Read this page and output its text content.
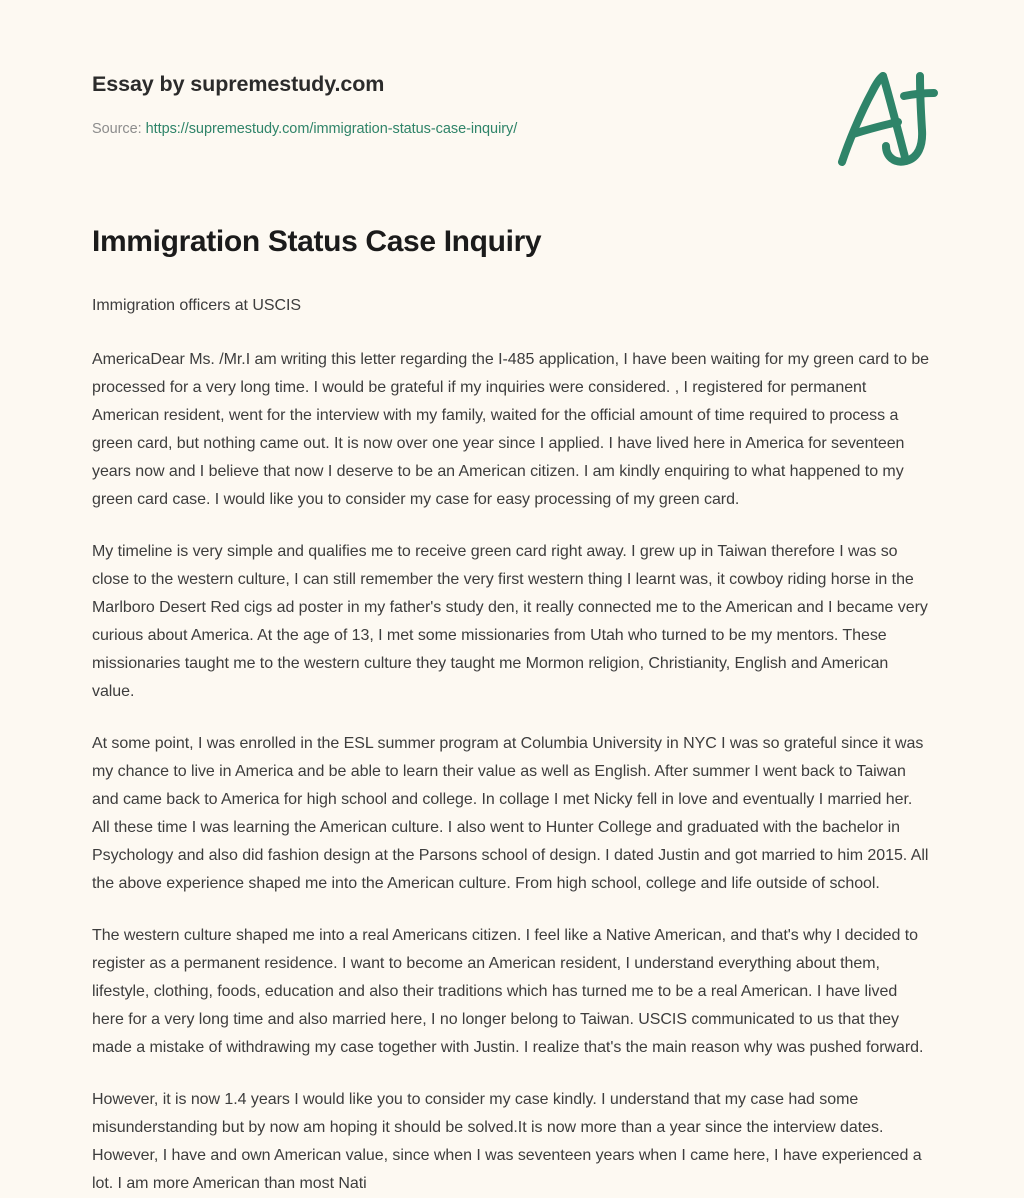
Essay by supremestudy.com
Source: https://supremestudy.com/immigration-status-case-inquiry/
Immigration Status Case Inquiry

Immigration officers at USCIS

AmericaDear Ms. /Mr.I am writing this letter regarding the I-485 application, I have been waiting for my green card to be processed for a very long time. I would be grateful if my inquiries were considered. , I registered for permanent American resident, went for the interview with my family, waited for the official amount of time required to process a green card, but nothing came out. It is now over one year since I applied. I have lived here in America for seventeen years now and I believe that now I deserve to be an American citizen. I am kindly enquiring to what happened to my green card case. I would like you to consider my case for easy processing of my green card.

My timeline is very simple and qualifies me to receive green card right away. I grew up in Taiwan therefore I was so close to the western culture, I can still remember the very first western thing I learnt was, it cowboy riding horse in the Marlboro Desert Red cigs ad poster in my father's study den, it really connected me to the American and I became very curious about America. At the age of 13, I met some missionaries from Utah who turned to be my mentors. These missionaries taught me to the western culture they taught me Mormon religion, Christianity, English and American value.

At some point, I was enrolled in the ESL summer program at Columbia University in NYC I was so grateful since it was my chance to live in America and be able to learn their value as well as English. After summer I went back to Taiwan and came back to America for high school and college. In collage I met Nicky fell in love and eventually I married her. All these time I was learning the American culture. I also went to Hunter College and graduated with the bachelor in Psychology and also did fashion design at the Parsons school of design. I dated Justin and got married to him 2015. All the above experience shaped me into the American culture. From high school, college and life outside of school.

The western culture shaped me into a real Americans citizen. I feel like a Native American, and that's why I decided to register as a permanent residence. I want to become an American resident, I understand everything about them, lifestyle, clothing, foods, education and also their traditions which has turned me to be a real American. I have lived here for a very long time and also married here, I no longer belong to Taiwan. USCIS communicated to us that they made a mistake of withdrawing my case together with Justin. I realize that's the main reason why was pushed forward.

However, it is now 1.4 years I would like you to consider my case kindly. I understand that my case had some misunderstanding but by now am hoping it should be solved.It is now more than a year since the interview dates. However, I have and own American value, since when I was seventeen years when I came here, I have experienced a lot. I am more American than most Nati
